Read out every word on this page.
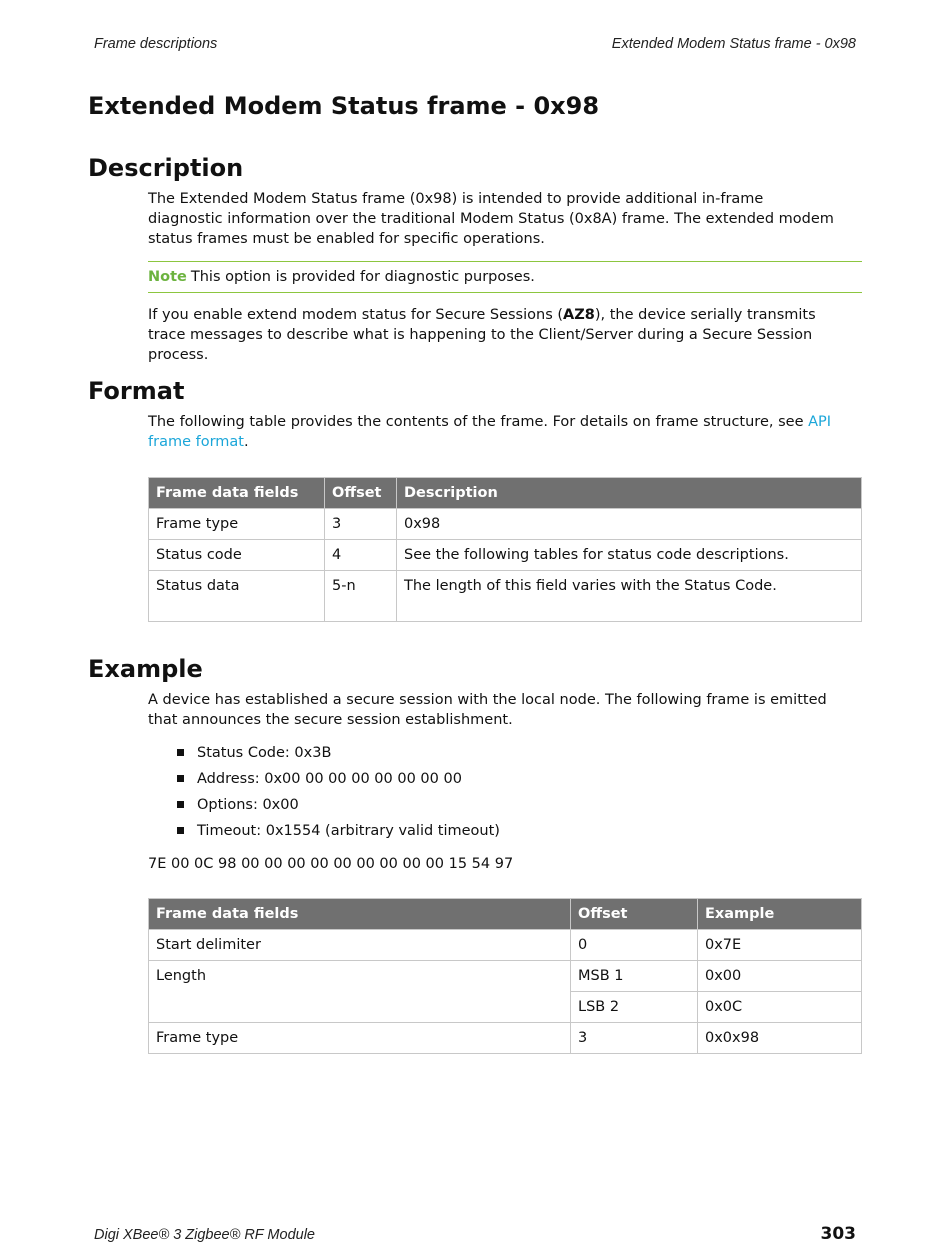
Frame descriptions	Extended Modem Status frame - 0x98
Extended Modem Status frame - 0x98
Description

The Extended Modem Status frame (0x98) is intended to provide additional in-frame diagnostic information over the traditional Modem Status (0x8A) frame. The extended modem status frames must be enabled for specific operations.

Note This option is provided for diagnostic purposes.

If you enable extend modem status for Secure Sessions (AZ8), the device serially transmits trace messages to describe what is happening to the Client/Server during a Secure Session process.

Format

The following table provides the contents of the frame. For details on frame structure, see API frame format.

Frame data fields	Offset	Description
Frame type	3	0x98
Status code	4	See the following tables for status code descriptions.
Status data	5-n	The length of this field varies with the Status Code.
Example

A device has established a secure session with the local node. The following frame is emitted that announces the secure session establishment.

Status Code: 0x3B
Address: 0x00 00 00 00 00 00 00 00
Options: 0x00
Timeout: 0x1554 (arbitrary valid timeout)

7E 00 0C 98 00 00 00 00 00 00 00 00 00 15 54 97

Frame data fields	Offset	Example
Start delimiter	0	0x7E
Length	MSB 1	0x00
	LSB 2	0x0C
Frame type	3	0x0x98
Digi XBee® 3 Zigbee® RF Module	303
